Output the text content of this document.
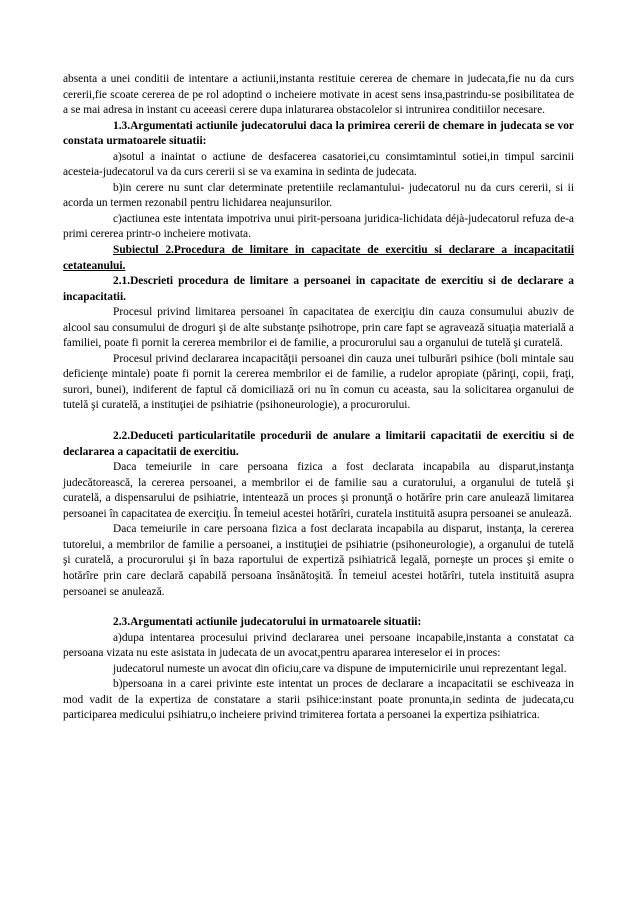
absenta a unei conditii de intentare a actiunii,instanta restituie cererea de chemare in judecata,fie nu da curs cererii,fie scoate cererea de pe rol adoptind o incheiere motivate in acest sens insa,pastrindu-se posibilitatea de a se mai adresa in instant cu aceeasi cerere dupa inlaturarea obstacolelor si intrunirea conditiilor necesare.

1.3.Argumentati actiunile judecatorului daca la primirea cererii de chemare in judecata se vor constata urmatoarele situatii:

a)sotul a inaintat o actiune de desfacerea casatoriei,cu consimtamintul sotiei,in timpul sarcinii acesteia-judecatorul va da curs cererii si se va examina in sedinta de judecata.

b)in cerere nu sunt clar determinate pretentiile reclamantului- judecatorul nu da curs cererii, si ii acorda un termen rezonabil pentru lichidarea neajunsurilor.

c)actiunea este intentata impotriva unui pirit-persoana juridica-lichidata déjà-judecatorul refuza de-a primi cererea printr-o incheiere motivata.

Subiectul 2.Procedura de limitare in capacitate de exercitiu si declarare a incapacitatii cetateanului.

2.1.Descrieti procedura de limitare a persoanei in capacitate de exercitiu si de declarare a incapacitatii.

Procesul privind limitarea persoanei în capacitatea de exerciţiu din cauza consumului abuziv de alcool sau consumului de droguri şi de alte substanţe psihotrope, prin care fapt se agravează situaţia materială a familiei, poate fi pornit la cererea membrilor ei de familie, a procurorului sau a organului de tutelă şi curatelă.

Procesul privind declararea incapacităţii persoanei din cauza unei tulburări psihice (boli mintale sau deficienţe mintale) poate fi pornit la cererea membrilor ei de familie, a rudelor apropiate (părinţi, copii, fraţi, surori, bunei), indiferent de faptul că domiciliază ori nu în comun cu aceasta, sau la solicitarea organului de tutelă şi curatelă, a instituţiei de psihiatrie (psihoneurologie), a procurorului.

2.2.Deduceti particularitatile procedurii de anulare a limitarii capacitatii de exercitiu si de declararea a capacitatii de exercitiu.

Daca temeiurile in care persoana fizica a fost declarata incapabila au disparut,instanţa judecătorească, la cererea persoanei, a membrilor ei de familie sau a curatorului, a organului de tutelă şi curatelă, a dispensarului de psihiatrie, intentează un proces şi pronunţă o hotărîre prin care anulează limitarea persoanei în capacitatea de exerciţiu. În temeiul acestei hotărîri, curatela instituită asupra persoanei se anulează.

Daca temeiurile in care persoana fizica a fost declarata incapabila au disparut, instanţa, la cererea tutorelui, a membrilor de familie a persoanei, a instituţiei de psihiatrie (psihoneurologie), a organului de tutelă şi curatelă, a procurorului şi în baza raportului de expertiză psihiatrică legală, porneşte un proces şi emite o hotărîre prin care declară capabilă persoana însănătoşită. În temeiul acestei hotărîri, tutela instituită asupra persoanei se anulează.

2.3.Argumentati actiunile judecatorului in urmatoarele situatii:

a)dupa intentarea procesului privind declararea unei persoane incapabile,instanta a constatat ca persoana vizata nu este asistata in judecata de un avocat,pentru apararea intereselor ei in proces:

judecatorul numeste un avocat din oficiu,care va dispune de imputernicirile unui reprezentant legal.

b)persoana in a carei privinte este intentat un proces de declarare a incapacitatii se eschiveaza in mod vadit de la expertiza de constatare a starii psihice:instant poate pronunta,in sedinta de judecata,cu participarea medicului psihiatru,o incheiere privind trimiterea fortata a persoanei la expertiza psihiatrica.
